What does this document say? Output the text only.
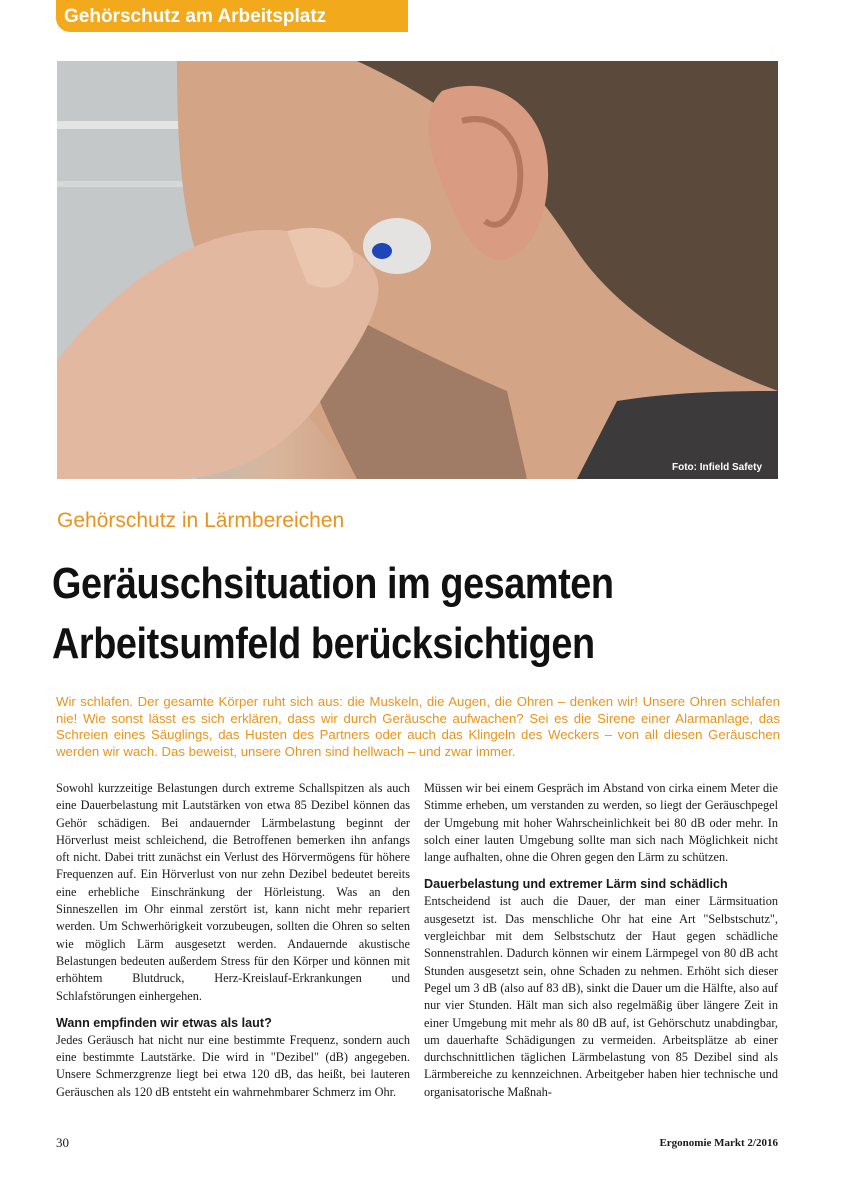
Gehörschutz am Arbeitsplatz
Foto: Infield Safety
Gehörschutz in Lärmbereichen
Geräuschsituation im gesamten Arbeitsumfeld berücksichtigen

Wir schlafen. Der gesamte Körper ruht sich aus: die Muskeln, die Augen, die Ohren – denken wir! Unsere Ohren schlafen nie! Wie sonst lässt es sich erklären, dass wir durch Geräusche aufwachen? Sei es die Sirene einer Alarmanlage, das Schreien eines Säuglings, das Husten des Partners oder auch das Klingeln des Weckers – von all diesen Geräuschen werden wir wach. Das beweist, unsere Ohren sind hellwach – und zwar immer.

Sowohl kurzzeitige Belastungen durch extreme Schallspitzen als auch eine Dauerbelastung mit Lautstärken von etwa 85 Dezibel können das Gehör schädigen. Bei andauernder Lärmbelastung beginnt der Hörverlust meist schleichend, die Betroffenen bemerken ihn anfangs oft nicht. Dabei tritt zunächst ein Verlust des Hörvermögens für höhere Frequenzen auf. Ein Hörverlust von nur zehn Dezibel bedeutet bereits eine erhebliche Einschränkung der Hörleistung. Was an den Sinneszellen im Ohr einmal zerstört ist, kann nicht mehr repariert werden. Um Schwerhörigkeit vorzubeugen, sollten die Ohren so selten wie möglich Lärm ausgesetzt werden. Andauernde akustische Belastungen bedeuten außerdem Stress für den Körper und können mit erhöhtem Blutdruck, Herz-Kreislauf-Erkrankungen und Schlafstörungen einhergehen.

Wann empfinden wir etwas als laut?

Jedes Geräusch hat nicht nur eine bestimmte Frequenz, sondern auch eine bestimmte Lautstärke. Die wird in "Dezibel" (dB) angegeben. Unsere Schmerzgrenze liegt bei etwa 120 dB, das heißt, bei lauteren Geräuschen als 120 dB entsteht ein wahrnehmbarer Schmerz im Ohr.

Müssen wir bei einem Gespräch im Abstand von cirka einem Meter die Stimme erheben, um verstanden zu werden, so liegt der Geräuschpegel der Umgebung mit hoher Wahrscheinlichkeit bei 80 dB oder mehr. In solch einer lauten Umgebung sollte man sich nach Möglichkeit nicht lange aufhalten, ohne die Ohren gegen den Lärm zu schützen.

Dauerbelastung und extremer Lärm sind schädlich

Entscheidend ist auch die Dauer, der man einer Lärmsituation ausgesetzt ist. Das menschliche Ohr hat eine Art "Selbstschutz", vergleichbar mit dem Selbstschutz der Haut gegen schädliche Sonnenstrahlen. Dadurch können wir einem Lärmpegel von 80 dB acht Stunden ausgesetzt sein, ohne Schaden zu nehmen. Erhöht sich dieser Pegel um 3 dB (also auf 83 dB), sinkt die Dauer um die Hälfte, also auf nur vier Stunden. Hält man sich also regelmäßig über längere Zeit in einer Umgebung mit mehr als 80 dB auf, ist Gehörschutz unabdingbar, um dauerhafte Schädigungen zu vermeiden. Arbeitsplätze ab einer durchschnittlichen täglichen Lärmbelastung von 85 Dezibel sind als Lärmbereiche zu kennzeichnen. Arbeitgeber haben hier technische und organisatorische Maßnah-

30	Ergonomie Markt 2/2016
